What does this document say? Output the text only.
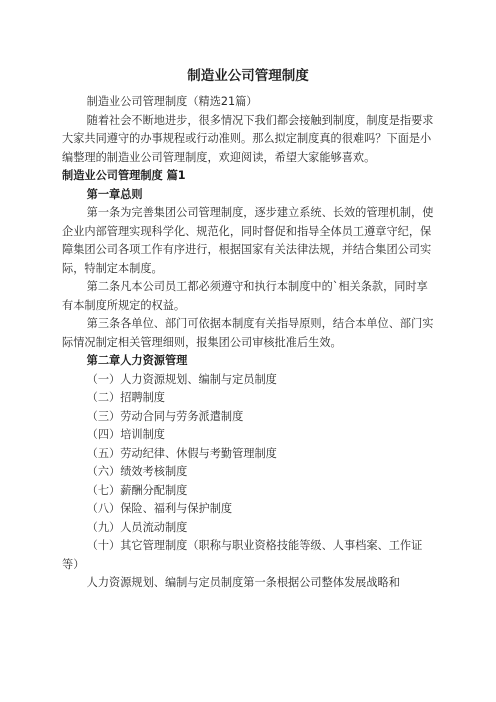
制造业公司管理制度

制造业公司管理制度（精选21篇）

随着社会不断地进步，很多情况下我们都会接触到制度，制度是指要求大家共同遵守的办事规程或行动准则。那么拟定制度真的很难吗？下面是小编整理的制造业公司管理制度，欢迎阅读，希望大家能够喜欢。

制造业公司管理制度 篇1

第一章总则

第一条为完善集团公司管理制度，逐步建立系统、长效的管理机制，使企业内部管理实现科学化、规范化，同时督促和指导全体员工遵章守纪，保障集团公司各项工作有序进行，根据国家有关法律法规，并结合集团公司实际，特制定本制度。

第二条凡本公司员工都必须遵守和执行本制度中的`相关条款，同时享有本制度所规定的权益。

第三条各单位、部门可依据本制度有关指导原则，结合本单位、部门实际情况制定相关管理细则，报集团公司审核批准后生效。

第二章人力资源管理

（一）人力资源规划、编制与定员制度

（二）招聘制度

（三）劳动合同与劳务派遣制度

（四）培训制度

（五）劳动纪律、休假与考勤管理制度

（六）绩效考核制度

（七）薪酬分配制度

（八）保险、福利与保护制度

（九）人员流动制度

（十）其它管理制度（职称与职业资格技能等级、人事档案、工作证等）

人力资源规划、编制与定员制度第一条根据公司整体发展战略和
